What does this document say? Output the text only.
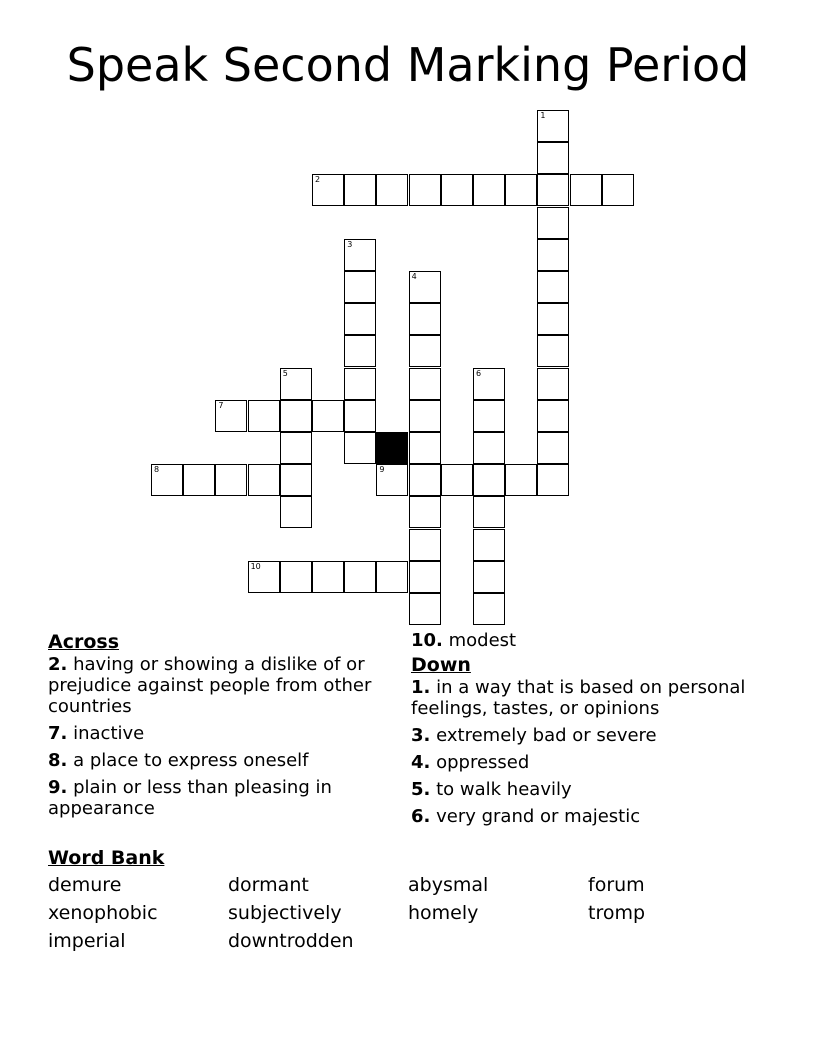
Speak Second Marking Period
1
2
3
4
6
5
7
8	9
10
Across
2. having or showing a dislike of or prejudice against people from other countries
7. inactive
8. a place to express oneself
9. plain or less than pleasing in appearance
10. modest
Down
1. in a way that is based on personal feelings, tastes, or opinions
3. extremely bad or severe
4. oppressed
5. to walk heavily
6. very grand or majestic
Word Bank
demure	dormant	abysmal	forum
xenophobic	subjectively	homely	tromp
imperial	downtrodden
